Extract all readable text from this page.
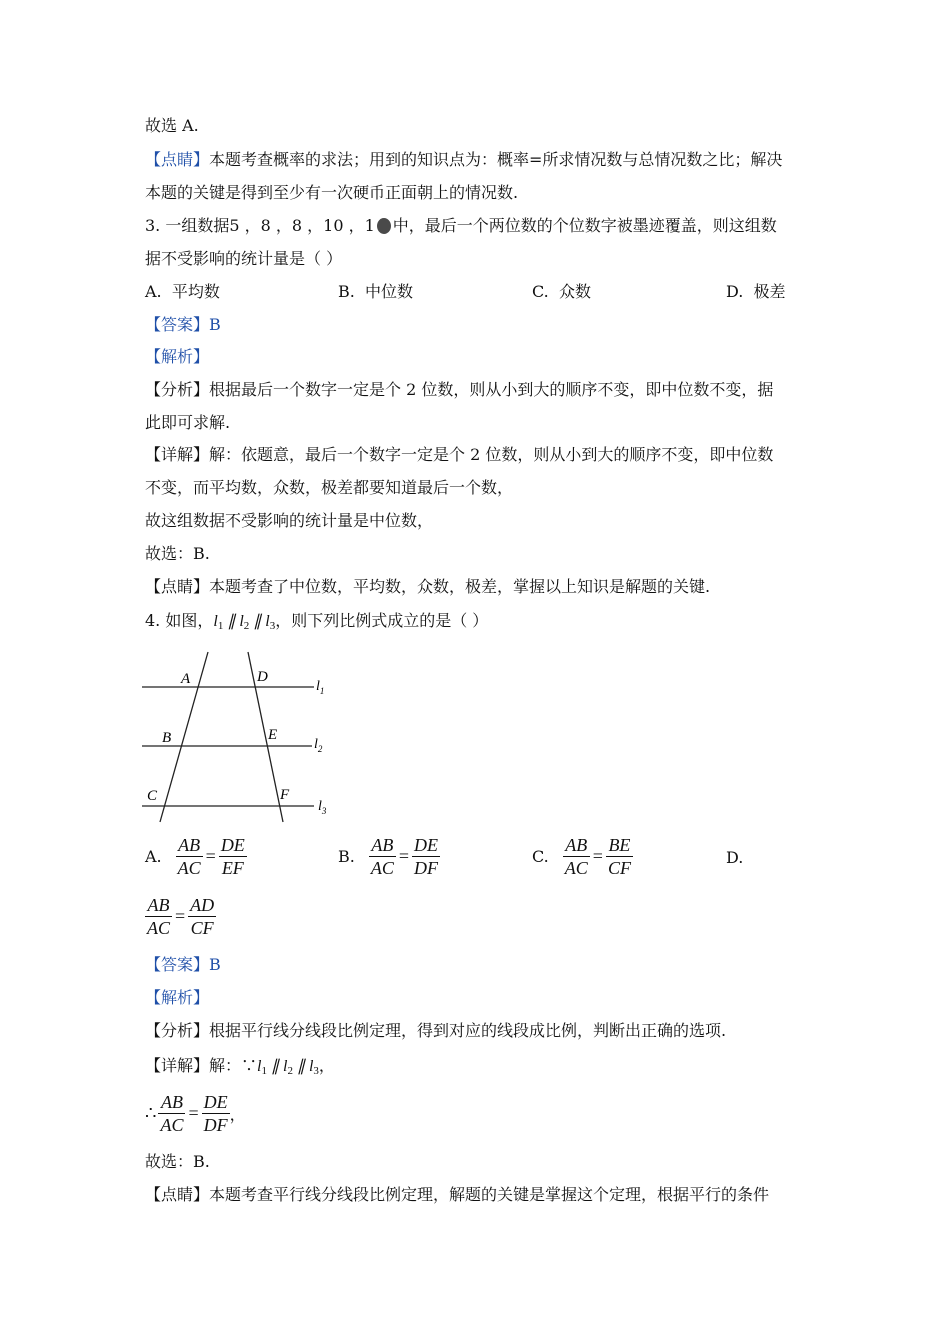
故选 A.
【点睛】本题考查概率的求法；用到的知识点为：概率=所求情况数与总情况数之比；解决
本题的关键是得到至少有一次硬币正面朝上的情况数.
3. 一组数据5 ，8 ，8 ，10 ，1 中，最后一个两位数的个位数字被墨迹覆盖，则这组数
据不受影响的统计量是（ ）
A. 平均数	B. 中位数	C. 众数	D. 极差
【答案】B
【解析】
【分析】根据最后一个数字一定是个 2 位数，则从小到大的顺序不变，即中位数不变，据
此即可求解.
【详解】解：依题意，最后一个数字一定是个 2 位数，则从小到大的顺序不变，即中位数
不变，而平均数，众数，极差都要知道最后一个数，
故这组数据不受影响的统计量是中位数，
故选：B.
【点睛】本题考查了中位数，平均数，众数，极差，掌握以上知识是解题的关键.
4. 如图，$l_1$ ∥ $l_2$ ∥ $l_3$，则下列比例式成立的是（ ）
A	D
B	E
C	F
$l_1$
$l_2$
$l_3$
A. $\frac{AB}{AC} = \frac{DE}{EF}$	B. $\frac{AB}{AC} = \frac{DE}{DF}$	C. $\frac{AB}{AC} = \frac{BE}{CF}$	D.
$\frac{AB}{AC} = \frac{AD}{CF}$
【答案】B
【解析】
【分析】根据平行线分线段比例定理，得到对应的线段成比例，判断出正确的选项.
【详解】解：$\because l_1$ ∥ $l_2$ ∥ $l_3$，
∴ $\frac{AB}{AC} = \frac{DE}{DF}$ ，
故选：B.
【点睛】本题考查平行线分线段比例定理，解题的关键是掌握这个定理，根据平行的条件
